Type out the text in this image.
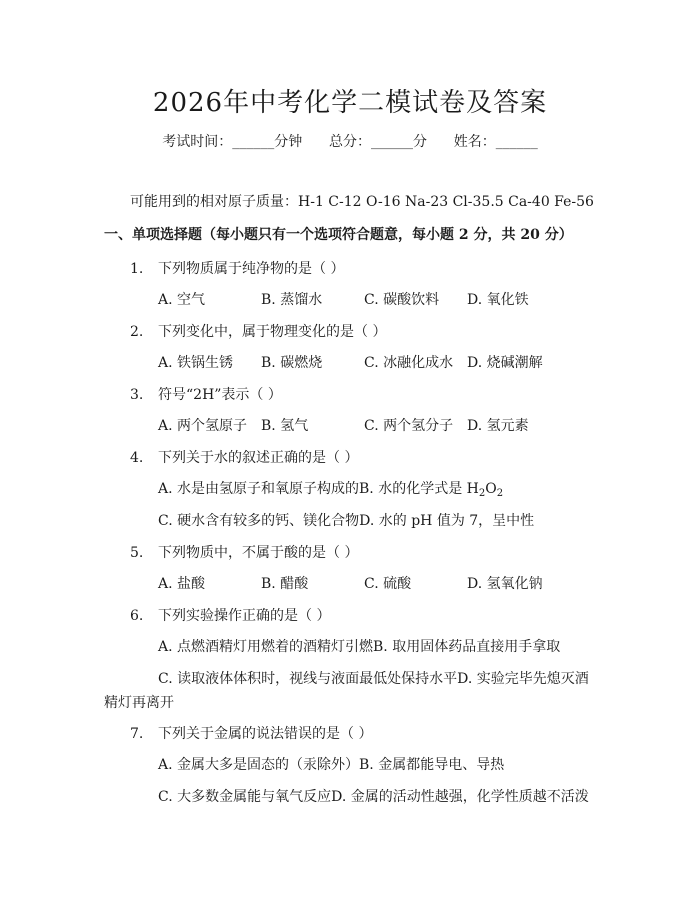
2026年中考化学二模试卷及答案
考试时间：______分钟      总分：______分      姓名：______
可能用到的相对原子质量：H-1 C-12 O-16 Na-23 Cl-35.5 Ca-40 Fe-56
一、单项选择题（每小题只有一个选项符合题意，每小题 2 分，共 20 分）
1. 下列物质属于纯净物的是（ ）
A. 空气	B. 蒸馏水	C. 碳酸饮料 D. 氧化铁
2. 下列变化中，属于物理变化的是（ ）
A. 铁锅生锈 B. 碳燃烧	C. 冰融化成水 D. 烧碱潮解
3. 符号“2H”表示（ ）
A. 两个氢原子 B. 氢气	C. 两个氢分子 D. 氢元素
4. 下列关于水的叙述正确的是（ ）
A. 水是由氢原子和氧原子构成的B. 水的化学式是 $H_2O_2$
C. 硬水含有较多的钙、镁化合物D. 水的 pH 值为 7，呈中性
5. 下列物质中，不属于酸的是（ ）
A. 盐酸	B. 醋酸	C. 硫酸	D. 氢氧化钠
6. 下列实验操作正确的是（ ）
A. 点燃酒精灯用燃着的酒精灯引燃B. 取用固体药品直接用手拿取
C. 读取液体体积时，视线与液面最低处保持水平D. 实验完毕先熄灭酒
精灯再离开
7. 下列关于金属的说法错误的是（ ）
A. 金属大多是固态的（汞除外）B. 金属都能导电、导热
C. 大多数金属能与氧气反应D. 金属的活动性越强，化学性质越不活泼
